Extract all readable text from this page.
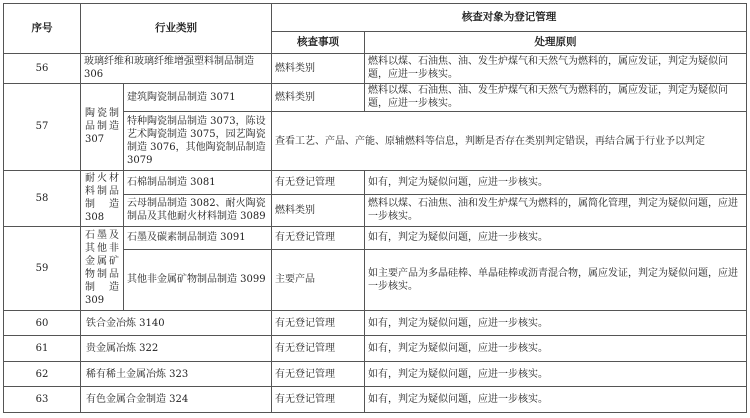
序号	行业类别		核查对象为登记管理	
			核查事项	处理原则
56	玻璃纤维和玻璃纤维增强塑料制品制造 306		燃料类别	燃料以煤、石油焦、油、发生炉煤气和天然气为燃料的，属应发证，判定为疑似问题，应进一步核实。
57	陶瓷制品制造 307	建筑陶瓷制品制造 3071	燃料类别	燃料以煤、石油焦、油、发生炉煤气和天然气为燃料的，属应发证，判定为疑似问题，应进一步核实。
		特种陶瓷制品制造 3073，陈设艺术陶瓷制造 3075，园艺陶瓷制造 3076，其他陶瓷制品制造 3079	查看工艺、产品、产能、原辅燃料等信息，判断是否存在类别判定错误，再结合属于行业予以判定	
58	耐火材料制品制造 308	石棉制品制造 3081	有无登记管理	如有，判定为疑似问题，应进一步核实。
		云母制品制造 3082、耐火陶瓷制品及其他耐火材料制造 3089	燃料类别	燃料以煤、石油焦、油和发生炉煤气为燃料的，属简化管理，判定为疑似问题，应进一步核实。
59	石墨及其他非金属矿物制品制造 309	石墨及碳素制品制造 3091	有无登记管理	如有，判定为疑似问题，应进一步核实。
		其他非金属矿物制品制造 3099	主要产品	如主要产品为多晶硅棒、单晶硅棒或沥青混合物，属应发证，判定为疑似问题，应进一步核实。
60	铁合金冶炼 3140		有无登记管理	如有，判定为疑似问题，应进一步核实。
61	贵金属冶炼 322		有无登记管理	如有，判定为疑似问题，应进一步核实。
62	稀有稀土金属冶炼 323		有无登记管理	如有，判定为疑似问题，应进一步核实。
63	有色金属合金制造 324		有无登记管理	如有，判定为疑似问题，应进一步核实。
